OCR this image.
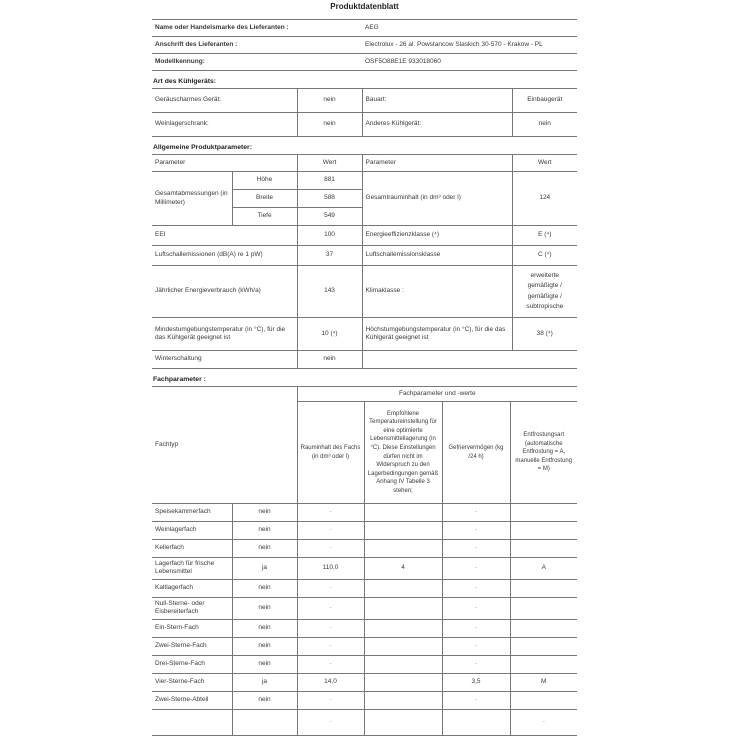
Produktdatenblatt
Name oder Handelsmarke des Lieferanten :	AEG
Anschrift des Lieferanten :	Electrolux - 26 al. Powstancow Slaskich 30-570 - Krakow - PL
Modellkennung:	OSF5O88E1E 933018060
Art des Kühlgeräts:
Geräuscharmes Gerät:	nein	Bauart:	Einbaugerät
Weinlagerschrank:	nein	Anderes Kühlgerät:	nein
Allgemeine Produktparameter:
Parameter		Wert	Parameter	Wert
Gesamtabmessungen (in Millimeter)	Höhe	881	Gesamtrauminhalt (in dm³ oder l)	124
	Breite	588		
	Tiefe	549		
EEI		100	Energieeffizienzklasse (⁴)	E (⁴)
Luftschallemissionen (dB(A) re 1 pW)		37	Luftschallemissionsklasse	C (⁴)
Jährlicher Energieverbrauch (kWh/a)		143	Klimaklasse :	erweiterte gemäßigte / gemäßigte / subtropische
Mindestumgebungstemperatur (in °C), für die das Kühlgerät geeignet ist		10 (⁴)	Höchstumgebungstemperatur (in °C), für die das Kühlgerät geeignet ist	38 (⁴)
Winterschaltung		nein		
Fachparameter :
Fachtyp		Fachparameter und -werte			
		Rauminhalt des Fachs (in dm³ oder l)	Empfohlene Temperatureinstellung für eine optimierte Lebensmittellagerung (in °C). Diese Einstellungen dürfen nicht im Widerspruch zu den Lagerbedingungen gemäß Anhang IV Tabelle 3 stehen;	Gefriervermögen (kg /24 h)	Entfrostungsart (automatische Entfrostung = A, manuelle Entfrostung = M)
Speisekammerfach	nein	-		-	
Weinlagerfach	nein	-		-	
Kellerfach	nein	-		-	
Lagerfach für frische Lebensmittel	ja	110,0	4	-	A
Kaltlagerfach	nein	-		-	
Null-Sterne- oder Eisbereiterfach	nein	-		-	
Ein-Stern-Fach	nein	-		-	
Zwei-Sterne-Fach	nein	-		-	
Drei-Sterne-Fach	nein	-		-	
Vier-Sterne-Fach	ja	14,0		3,5	M
Zwei-Sterne-Abteil	nein	-		-	
		-			-
